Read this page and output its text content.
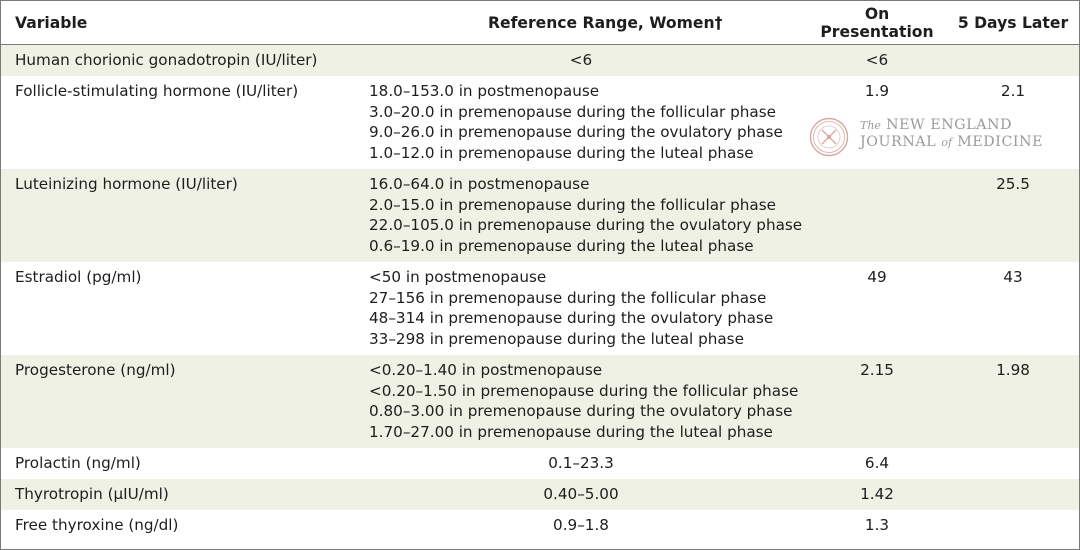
Variable	Reference Range, Women†	On Presentation	5 Days Later
Human chorionic gonadotropin (IU/liter)	<6	<6	
Follicle-stimulating hormone (IU/liter)	18.0–153.0 in postmenopause
3.0–20.0 in premenopause during the follicular phase
9.0–26.0 in premenopause during the ovulatory phase
1.0–12.0 in premenopause during the luteal phase	1.9	2.1
Luteinizing hormone (IU/liter)	16.0–64.0 in postmenopause
2.0–15.0 in premenopause during the follicular phase
22.0–105.0 in premenopause during the ovulatory phase
0.6–19.0 in premenopause during the luteal phase		25.5
Estradiol (pg/ml)	<50 in postmenopause
27–156 in premenopause during the follicular phase
48–314 in premenopause during the ovulatory phase
33–298 in premenopause during the luteal phase	49	43
Progesterone (ng/ml)	<0.20–1.40 in postmenopause
<0.20–1.50 in premenopause during the follicular phase
0.80–3.00 in premenopause during the ovulatory phase
1.70–27.00 in premenopause during the luteal phase	2.15	1.98
Prolactin (ng/ml)	0.1–23.3	6.4	
Thyrotropin (μIU/ml)	0.40–5.00	1.42	
Free thyroxine (ng/dl)	0.9–1.8	1.3	
The NEW ENGLAND
JOURNAL of MEDICINE
